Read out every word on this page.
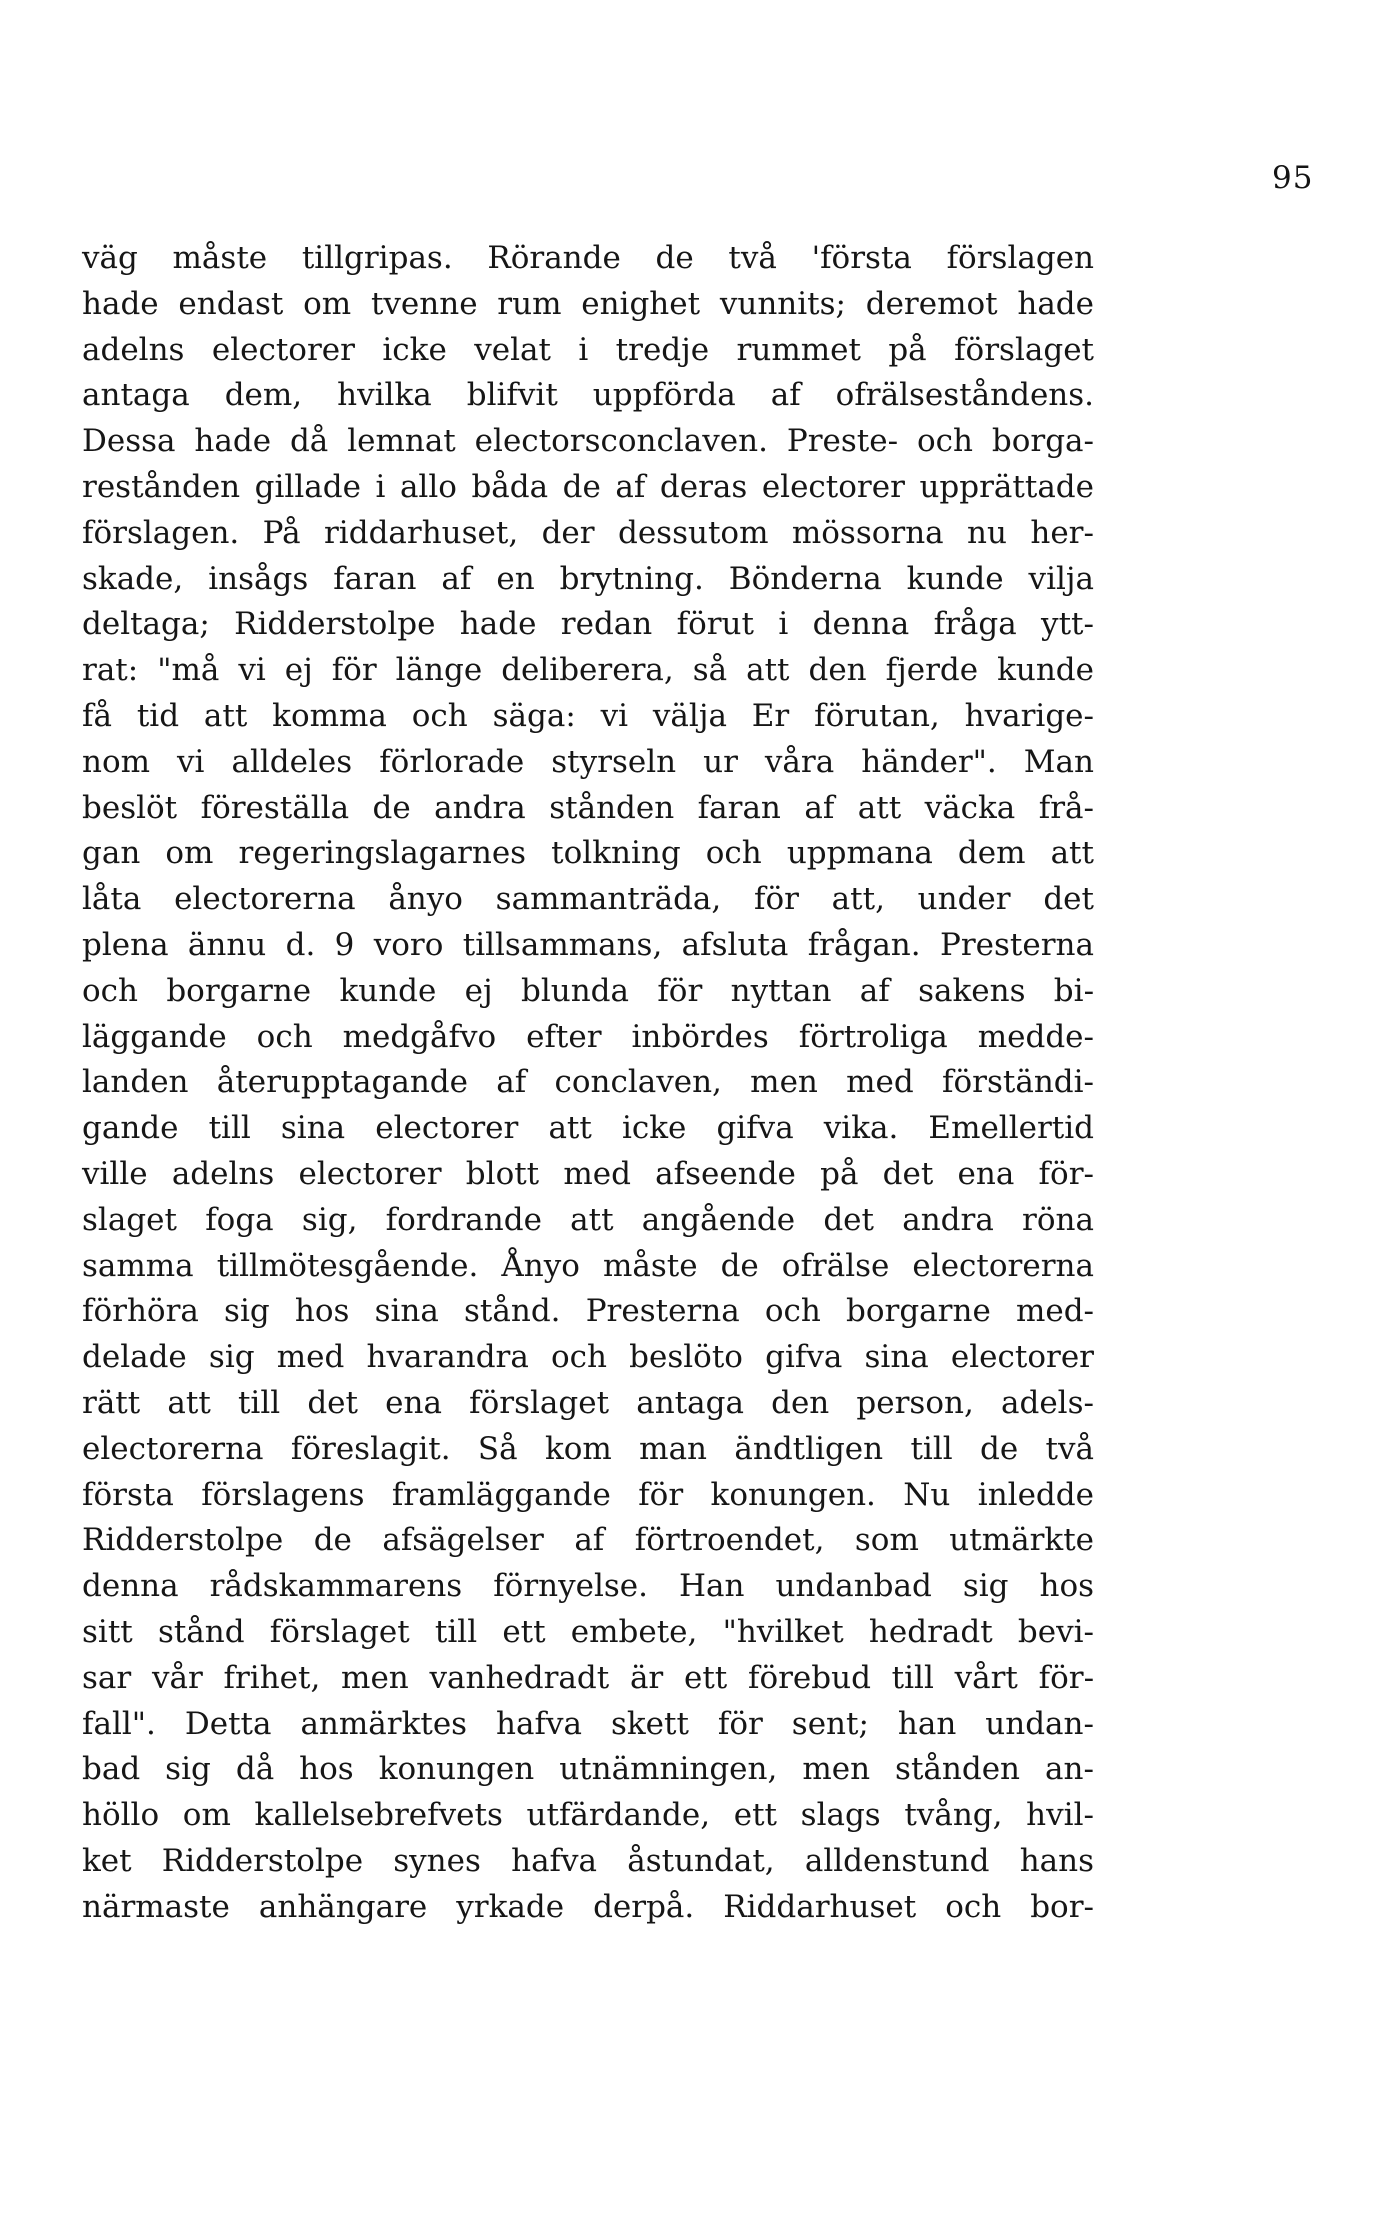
95
väg måste tillgripas. Rörande de två 'första förslagen
hade endast om tvenne rum enighet vunnits; deremot hade
adelns electorer icke velat i tredje rummet på förslaget
antaga dem, hvilka blifvit uppförda af ofrälseståndens.
Dessa hade då lemnat electorsconclaven. Preste- och borga-
restånden gillade i allo båda de af deras electorer upprättade
förslagen. På riddarhuset, der dessutom mössorna nu her-
skade, insågs faran af en brytning. Bönderna kunde vilja
deltaga; Ridderstolpe hade redan förut i denna fråga ytt-
rat: "må vi ej för länge deliberera, så att den fjerde kunde
få tid att komma och säga: vi välja Er förutan, hvarige-
nom vi alldeles förlorade styrseln ur våra händer". Man
beslöt föreställa de andra stånden faran af att väcka frå-
gan om regeringslagarnes tolkning och uppmana dem att
låta electorerna ånyo sammanträda, för att, under det
plena ännu d. 9 voro tillsammans, afsluta frågan. Presterna
och borgarne kunde ej blunda för nyttan af sakens bi-
läggande och medgåfvo efter inbördes förtroliga medde-
landen återupptagande af conclaven, men med förständi-
gande till sina electorer att icke gifva vika. Emellertid
ville adelns electorer blott med afseende på det ena för-
slaget foga sig, fordrande att angående det andra röna
samma tillmötesgående. Ånyo måste de ofrälse electorerna
förhöra sig hos sina stånd. Presterna och borgarne med-
delade sig med hvarandra och beslöto gifva sina electorer
rätt att till det ena förslaget antaga den person, adels-
electorerna föreslagit. Så kom man ändtligen till de två
första förslagens framläggande för konungen. Nu inledde
Ridderstolpe de afsägelser af förtroendet, som utmärkte
denna rådskammarens förnyelse. Han undanbad sig hos
sitt stånd förslaget till ett embete, "hvilket hedradt bevi-
sar vår frihet, men vanhedradt är ett förebud till vårt för-
fall". Detta anmärktes hafva skett för sent; han undan-
bad sig då hos konungen utnämningen, men stånden an-
höllo om kallelsebrefvets utfärdande, ett slags tvång, hvil-
ket Ridderstolpe synes hafva åstundat, alldenstund hans
närmaste anhängare yrkade derpå. Riddarhuset och bor-
